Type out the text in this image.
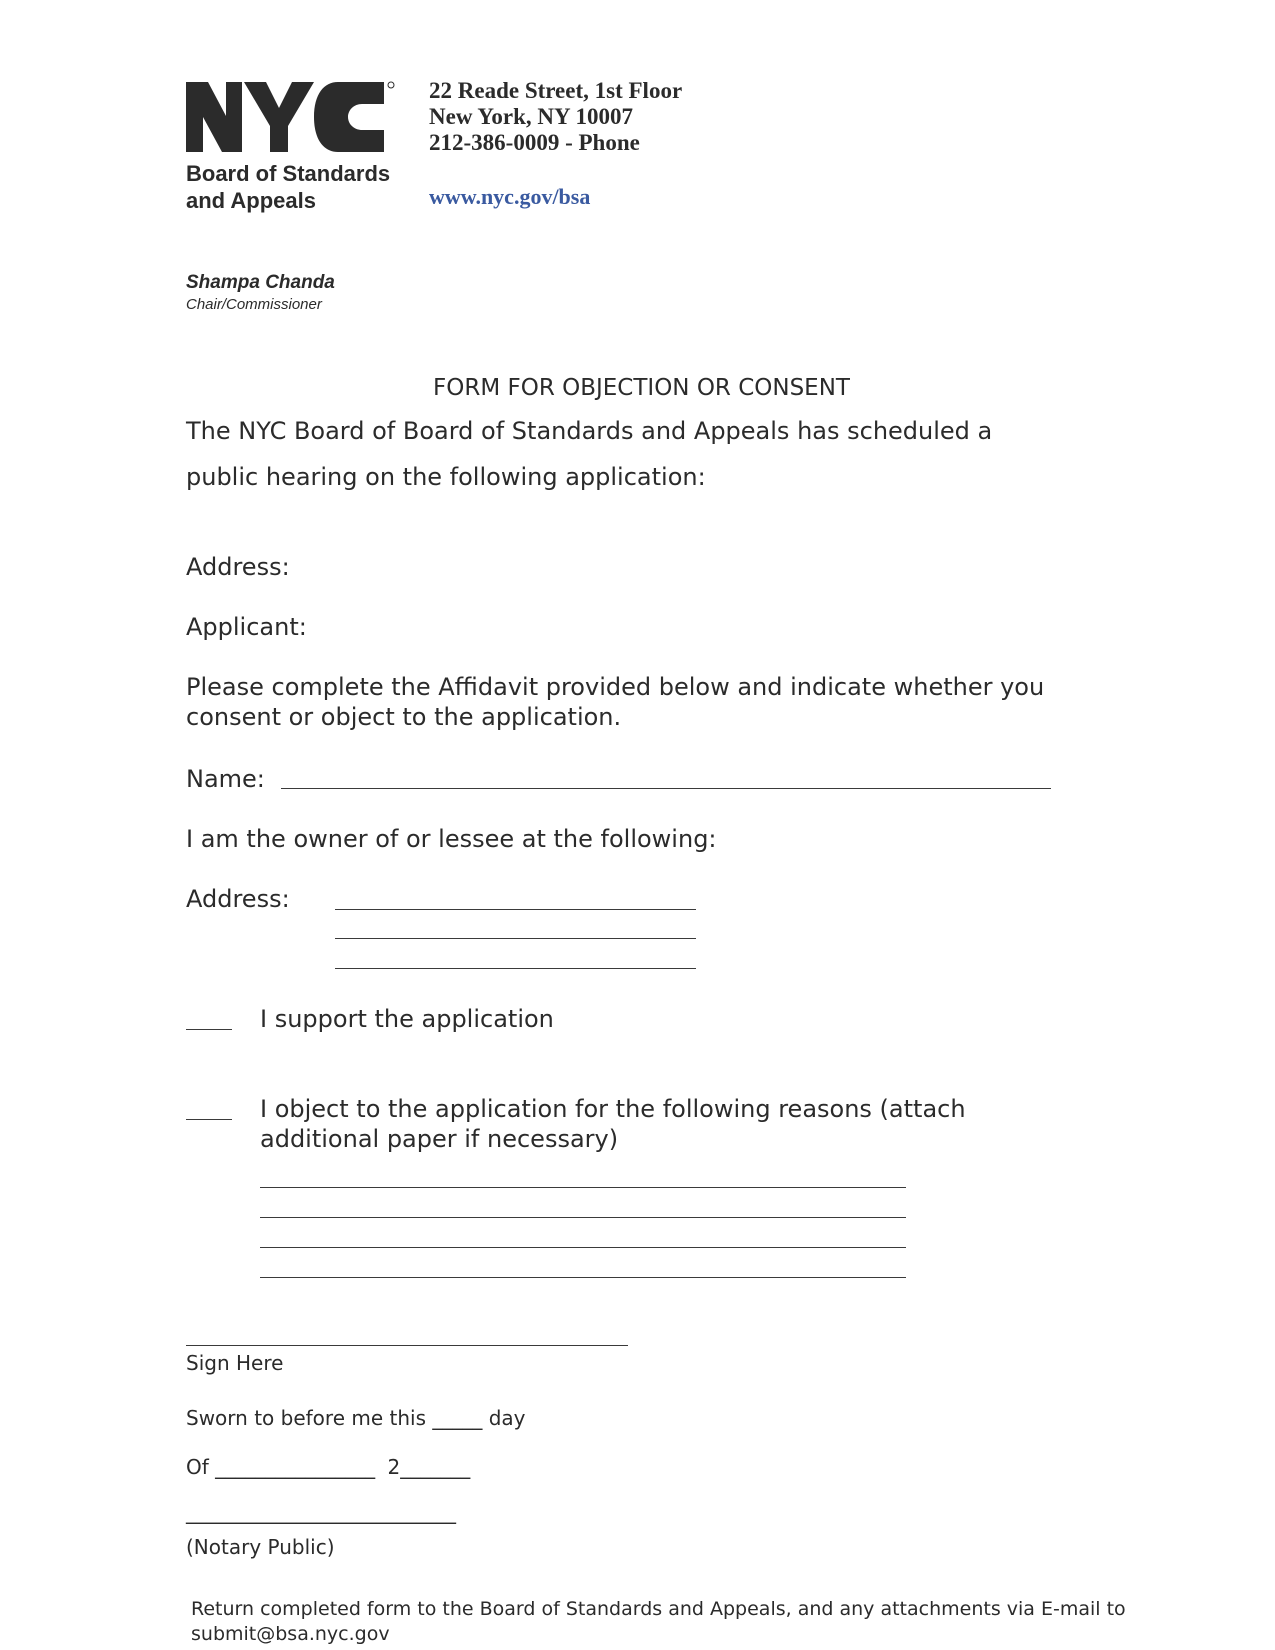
Board of Standards
and Appeals
22 Reade Street, 1st Floor
New York, NY 10007
212-386-0009 - Phone
www.nyc.gov/bsa
Shampa Chanda
Chair/Commissioner
FORM FOR OBJECTION OR CONSENT
The NYC Board of Board of Standards and Appeals has scheduled a
public hearing on the following application:
Address:
Applicant:
Please complete the Affidavit provided below and indicate whether you
consent or object to the application.
Name:
I am the owner of or lessee at the following:
Address:
I support the application
I object to the application for the following reasons (attach
additional paper if necessary)
Sign Here
Sworn to before me this _____ day
Of ________________ 2_______
___________________________
(Notary Public)
Return completed form to the Board of Standards and Appeals, and any attachments via E-mail to
submit@bsa.nyc.gov
